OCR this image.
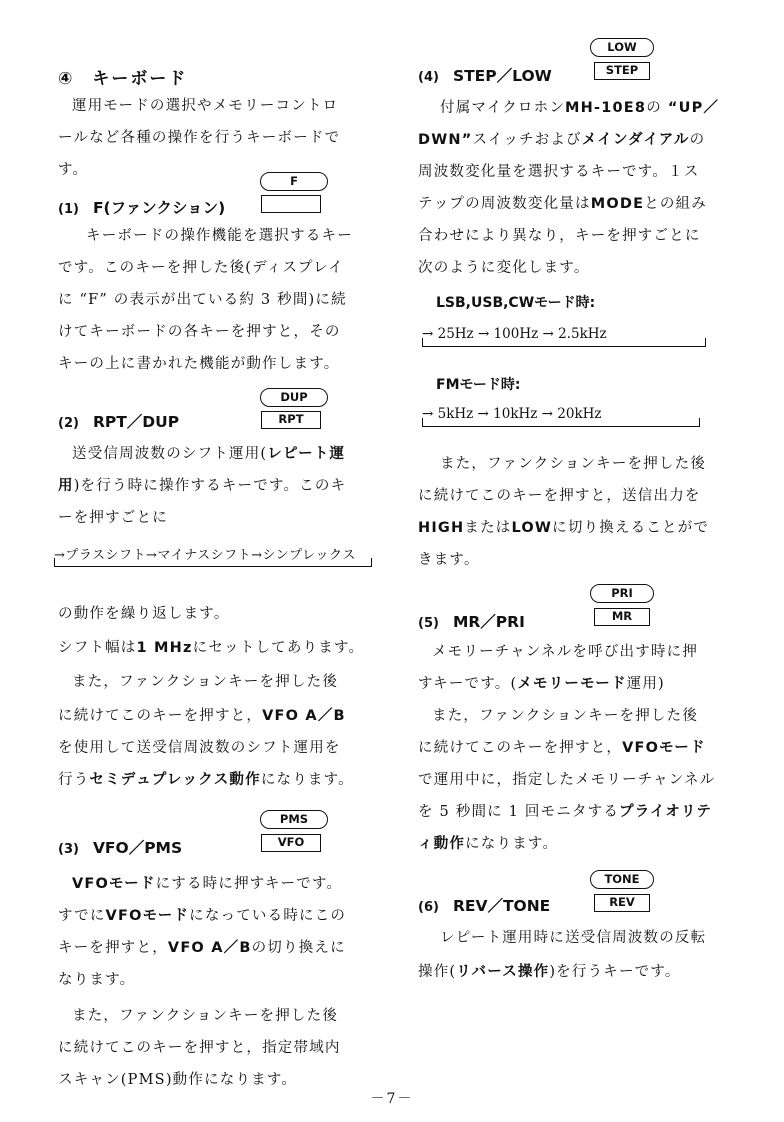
④ キーボード
運用モードの選択やメモリーコントロ
ールなど各種の操作を行うキーボードで
す。
F
(1) F(ファンクション)
キーボードの操作機能を選択するキー
です。このキーを押した後(ディスプレイ
に “F” の表示が出ている約 3 秒間)に続
けてキーボードの各キーを押すと，その
キーの上に書かれた機能が動作します。
DUP
RPT
(2) RPT／DUP
送受信周波数のシフト運用(レピート運
用)を行う時に操作するキーです。このキ
ーを押すごとに
→プラスシフト→マイナスシフト→シンプレックス
の動作を繰り返します。
シフト幅は1 MHzにセットしてあります。
また，ファンクションキーを押した後
に続けてこのキーを押すと，VFO A／B
を使用して送受信周波数のシフト運用を
行うセミデュプレックス動作になります。
PMS
VFO
(3) VFO／PMS
VFOモードにする時に押すキーです。
すでにVFOモードになっている時にこの
キーを押すと，VFO A／Bの切り換えに
なります。
また，ファンクションキーを押した後
に続けてこのキーを押すと，指定帯域内
スキャン(PMS)動作になります。
LOW
STEP
(4) STEP／LOW
付属マイクロホンMH-10E8の “UP／
DWN”スイッチおよびメインダイアルの
周波数変化量を選択するキーです。１ス
テップの周波数変化量はMODEとの組み
合わせにより異なり，キーを押すごとに
次のように変化します。
LSB,USB,CWモード時:
→ 25Hz → 100Hz → 2.5kHz
FMモード時:
→ 5kHz → 10kHz → 20kHz
また，ファンクションキーを押した後
に続けてこのキーを押すと，送信出力を
HIGHまたはLOWに切り換えることがで
きます。
PRI
MR
(5) MR／PRI
メモリーチャンネルを呼び出す時に押
すキーです。(メモリーモード運用)
また，ファンクションキーを押した後
に続けてこのキーを押すと，VFOモード
で運用中に，指定したメモリーチャンネル
を 5 秒間に 1 回モニタするプライオリテ
ィ動作になります。
TONE
REV
(6) REV／TONE
レピート運用時に送受信周波数の反転
操作(リバース操作)を行うキーです。
－7－
